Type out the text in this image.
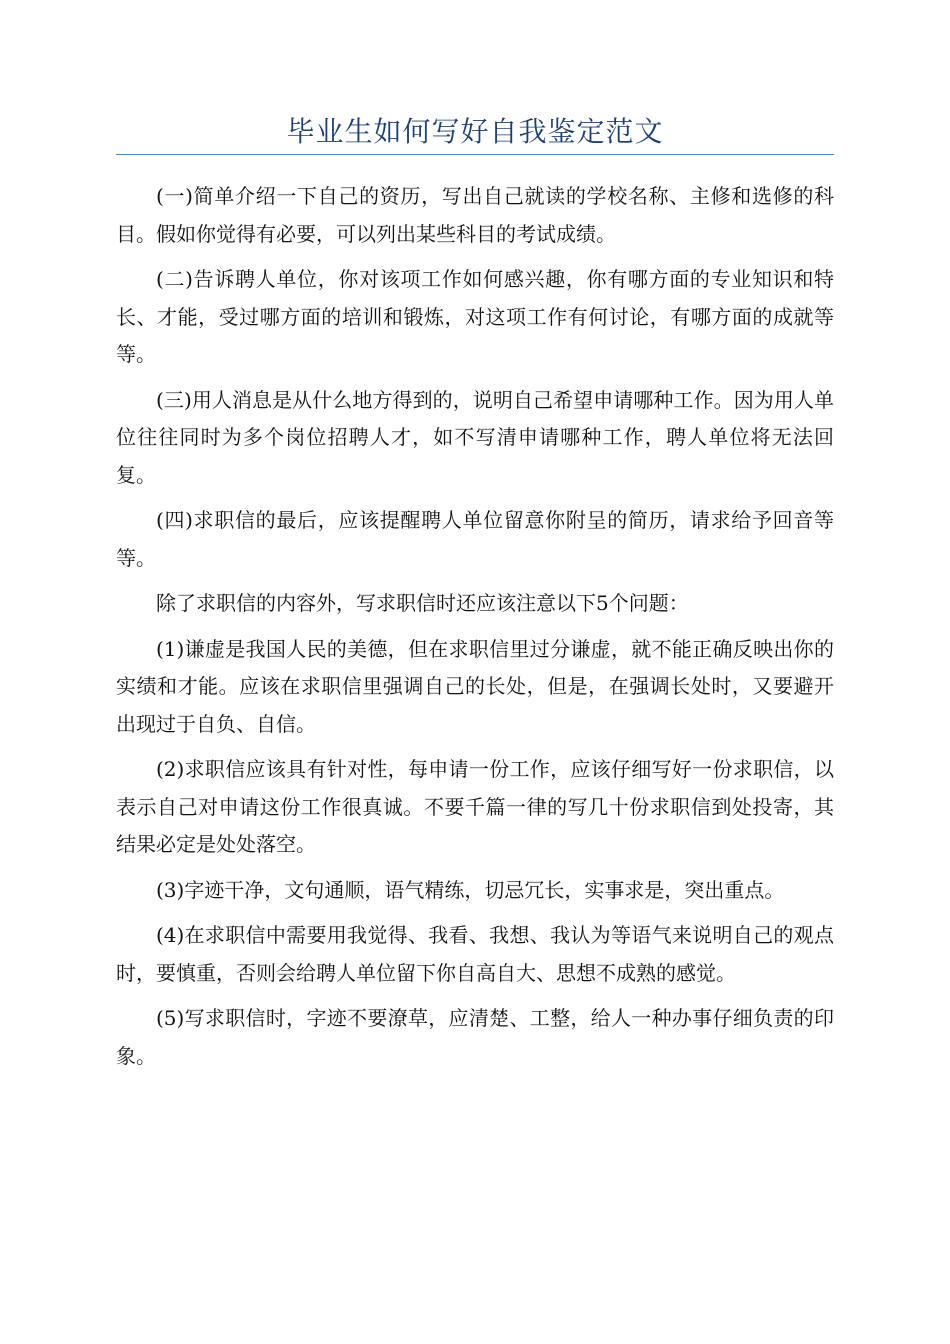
毕业生如何写好自我鉴定范文

(一)简单介绍一下自己的资历，写出自己就读的学校名称、主修和选修的科目。假如你觉得有必要，可以列出某些科目的考试成绩。

(二)告诉聘人单位，你对该项工作如何感兴趣，你有哪方面的专业知识和特长、才能，受过哪方面的培训和锻炼，对这项工作有何讨论，有哪方面的成就等等。

(三)用人消息是从什么地方得到的，说明自己希望申请哪种工作。因为用人单位往往同时为多个岗位招聘人才，如不写清申请哪种工作，聘人单位将无法回复。

(四)求职信的最后，应该提醒聘人单位留意你附呈的简历，请求给予回音等等。

除了求职信的内容外，写求职信时还应该注意以下5个问题：

(1)谦虚是我国人民的美德，但在求职信里过分谦虚，就不能正确反映出你的实绩和才能。应该在求职信里强调自己的长处，但是，在强调长处时，又要避开出现过于自负、自信。

(2)求职信应该具有针对性，每申请一份工作，应该仔细写好一份求职信，以表示自己对申请这份工作很真诚。不要千篇一律的写几十份求职信到处投寄，其结果必定是处处落空。

(3)字迹干净，文句通顺，语气精练，切忌冗长，实事求是，突出重点。

(4)在求职信中需要用我觉得、我看、我想、我认为等语气来说明自己的观点时，要慎重，否则会给聘人单位留下你自高自大、思想不成熟的感觉。

(5)写求职信时，字迹不要潦草，应清楚、工整，给人一种办事仔细负责的印象。
